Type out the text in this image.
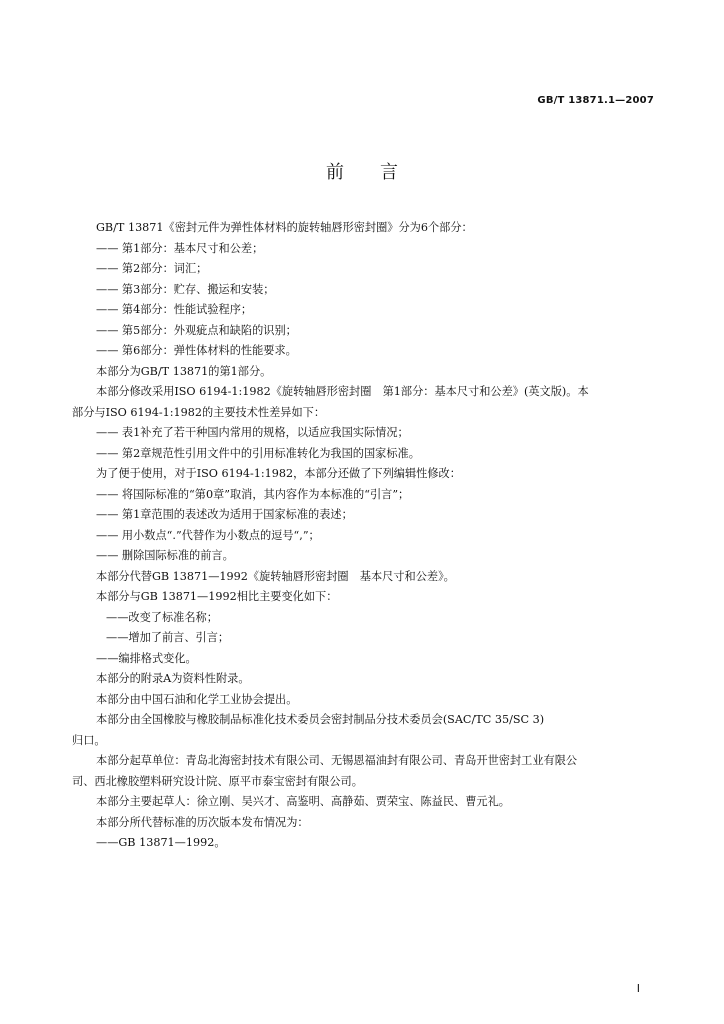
GB/T 13871.1—2007
前言
GB/T 13871《密封元件为弹性体材料的旋转轴唇形密封圈》分为6个部分：
—— 第1部分：基本尺寸和公差；
—— 第2部分：词汇；
—— 第3部分：贮存、搬运和安装；
—— 第4部分：性能试验程序；
—— 第5部分：外观疵点和缺陷的识别；
—— 第6部分：弹性体材料的性能要求。
本部分为GB/T 13871的第1部分。
本部分修改采用ISO 6194-1:1982《旋转轴唇形密封圈　第1部分：基本尺寸和公差》(英文版)。本
部分与ISO 6194-1:1982的主要技术性差异如下：
—— 表1补充了若干种国内常用的规格，以适应我国实际情况；
—— 第2章规范性引用文件中的引用标准转化为我国的国家标准。
为了便于使用，对于ISO 6194-1:1982，本部分还做了下列编辑性修改：
—— 将国际标准的“第0章”取消，其内容作为本标准的“引言”；
—— 第1章范围的表述改为适用于国家标准的表述；
—— 用小数点“.”代替作为小数点的逗号“,”；
—— 删除国际标准的前言。
本部分代替GB 13871—1992《旋转轴唇形密封圈　基本尺寸和公差》。
本部分与GB 13871—1992相比主要变化如下：
——改变了标准名称；
——增加了前言、引言；
——编排格式变化。
本部分的附录A为资料性附录。
本部分由中国石油和化学工业协会提出。
本部分由全国橡胶与橡胶制品标准化技术委员会密封制品分技术委员会(SAC/TC 35/SC 3)
归口。
本部分起草单位：青岛北海密封技术有限公司、无锡恩福油封有限公司、青岛开世密封工业有限公
司、西北橡胶塑料研究设计院、原平市泰宝密封有限公司。
本部分主要起草人：徐立刚、吴兴才、高鉴明、高静茹、贾荣宝、陈益民、曹元礼。
本部分所代替标准的历次版本发布情况为：
——GB 13871—1992。
I
